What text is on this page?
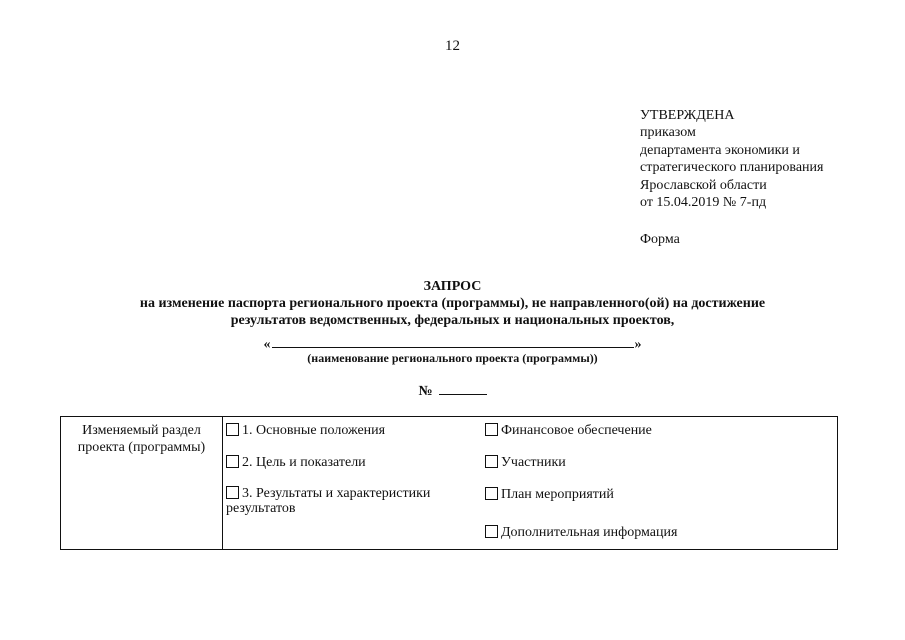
12
УТВЕРЖДЕНА
приказом
департамента экономики и
стратегического планирования
Ярославской области
от 15.04.2019 № 7-пд
Форма
ЗАПРОС
на изменение паспорта регионального проекта (программы), не направленного(ой) на достижение
результатов ведомственных, федеральных и национальных проектов,
«	»
(наименование регионального проекта (программы))
№
Изменяемый раздел проекта (программы)
1. Основные положения
2. Цель и показатели
3. Результаты и характеристики результатов
Финансовое обеспечение
Участники
План мероприятий
Дополнительная информация
